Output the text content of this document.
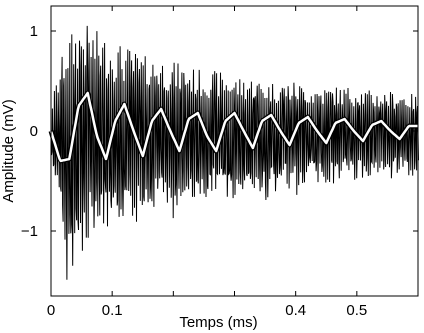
0	0.1	0.4	0.5
−1
0
1
Temps (ms)
Amplitude (mV)
